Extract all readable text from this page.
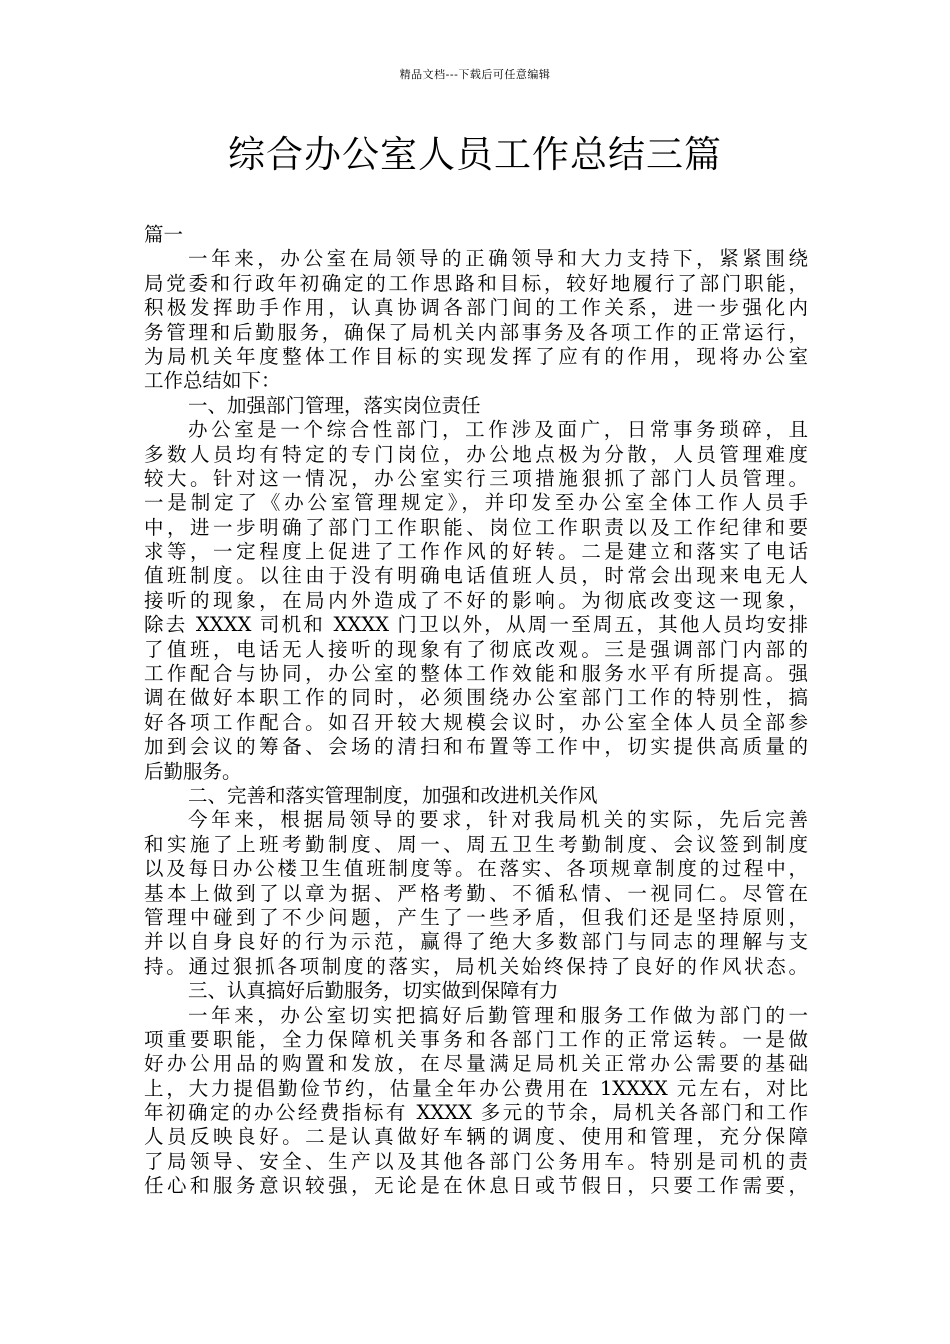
精品文档---下载后可任意编辑
综合办公室人员工作总结三篇
篇一
一年来，办公室在局领导的正确领导和大力支持下，紧紧围绕
局党委和行政年初确定的工作思路和目标，较好地履行了部门职能，
积极发挥助手作用，认真协调各部门间的工作关系，进一步强化内
务管理和后勤服务，确保了局机关内部事务及各项工作的正常运行，
为局机关年度整体工作目标的实现发挥了应有的作用，现将办公室
工作总结如下：
一、加强部门管理，落实岗位责任
办公室是一个综合性部门，工作涉及面广，日常事务琐碎，且
多数人员均有特定的专门岗位，办公地点极为分散，人员管理难度
较大。针对这一情况，办公室实行三项措施狠抓了部门人员管理。
一是制定了《办公室管理规定》，并印发至办公室全体工作人员手
中，进一步明确了部门工作职能、岗位工作职责以及工作纪律和要
求等，一定程度上促进了工作作风的好转。二是建立和落实了电话
值班制度。以往由于没有明确电话值班人员，时常会出现来电无人
接听的现象，在局内外造成了不好的影响。为彻底改变这一现象，
除去 XXXX 司机和 XXXX 门卫以外，从周一至周五，其他人员均安排
了值班，电话无人接听的现象有了彻底改观。三是强调部门内部的
工作配合与协同，办公室的整体工作效能和服务水平有所提高。强
调在做好本职工作的同时，必须围绕办公室部门工作的特别性，搞
好各项工作配合。如召开较大规模会议时，办公室全体人员全部参
加到会议的筹备、会场的清扫和布置等工作中，切实提供高质量的
后勤服务。
二、完善和落实管理制度，加强和改进机关作风
今年来，根据局领导的要求，针对我局机关的实际，先后完善
和实施了上班考勤制度、周一、周五卫生考勤制度、会议签到制度
以及每日办公楼卫生值班制度等。在落实、各项规章制度的过程中，
基本上做到了以章为据、严格考勤、不循私情、一视同仁。尽管在
管理中碰到了不少问题，产生了一些矛盾，但我们还是坚持原则，
并以自身良好的行为示范，赢得了绝大多数部门与同志的理解与支
持。通过狠抓各项制度的落实，局机关始终保持了良好的作风状态。
三、认真搞好后勤服务，切实做到保障有力
一年来，办公室切实把搞好后勤管理和服务工作做为部门的一
项重要职能，全力保障机关事务和各部门工作的正常运转。一是做
好办公用品的购置和发放，在尽量满足局机关正常办公需要的基础
上，大力提倡勤俭节约，估量全年办公费用在 1XXXX 元左右，对比
年初确定的办公经费指标有 XXXX 多元的节余，局机关各部门和工作
人员反映良好。二是认真做好车辆的调度、使用和管理，充分保障
了局领导、安全、生产以及其他各部门公务用车。特别是司机的责
任心和服务意识较强，无论是在休息日或节假日，只要工作需要，
